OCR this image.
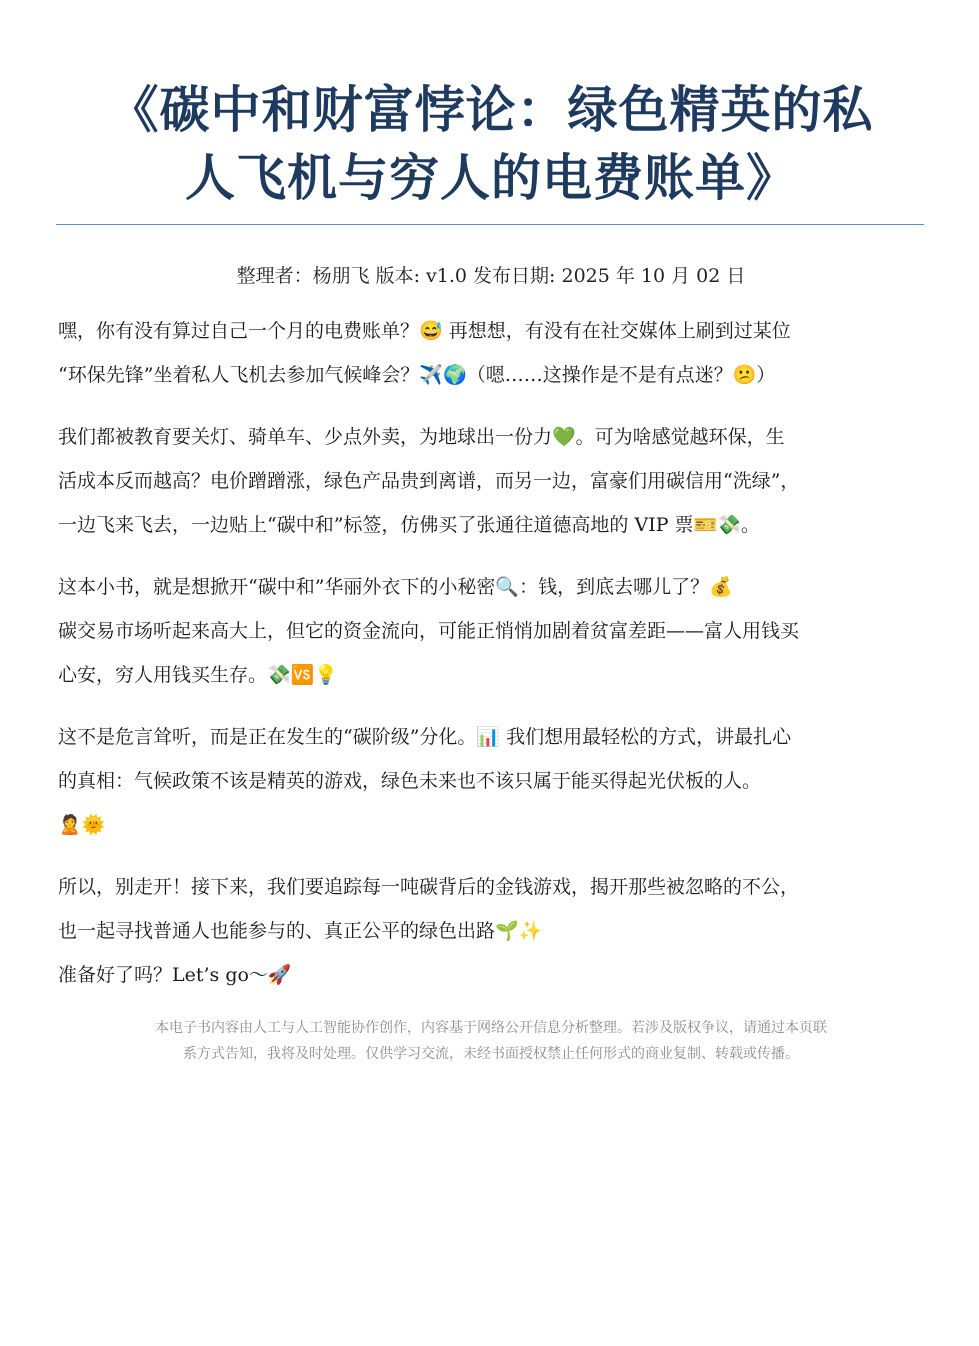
《碳中和财富悖论：绿色精英的私
人飞机与穷人的电费账单》
整理者：杨朋飞 版本: v1.0 发布日期: 2025 年 10 月 02 日

嘿，你有没有算过自己一个月的电费账单？😅 再想想，有没有在社交媒体上刷到过某位
“环保先锋”坐着私人飞机去参加气候峰会？✈️🌍（嗯……这操作是不是有点迷？😕）

我们都被教育要关灯、骑单车、少点外卖，为地球出一份力💚。可为啥感觉越环保，生
活成本反而越高？电价蹭蹭涨，绿色产品贵到离谱，而另一边，富豪们用碳信用“洗绿”，
一边飞来飞去，一边贴上“碳中和”标签，仿佛买了张通往道德高地的 VIP 票🎫💸。

这本小书，就是想掀开“碳中和”华丽外衣下的小秘密🔍：钱，到底去哪儿了？💰
碳交易市场听起来高大上，但它的资金流向，可能正悄悄加剧着贫富差距——富人用钱买
心安，穷人用钱买生存。💸🆚💡

这不是危言耸听，而是正在发生的“碳阶级”分化。📊 我们想用最轻松的方式，讲最扎心
的真相：气候政策不该是精英的游戏，绿色未来也不该只属于能买得起光伏板的人。
🙎🌞

所以，别走开！接下来，我们要追踪每一吨碳背后的金钱游戏，揭开那些被忽略的不公，
也一起寻找普通人也能参与的、真正公平的绿色出路🌱✨
准备好了吗？Let’s go～🚀

本电子书内容由人工与人工智能协作创作，内容基于网络公开信息分析整理。若涉及版权争议，请通过本页联
系方式告知，我将及时处理。仅供学习交流，未经书面授权禁止任何形式的商业复制、转载或传播。
